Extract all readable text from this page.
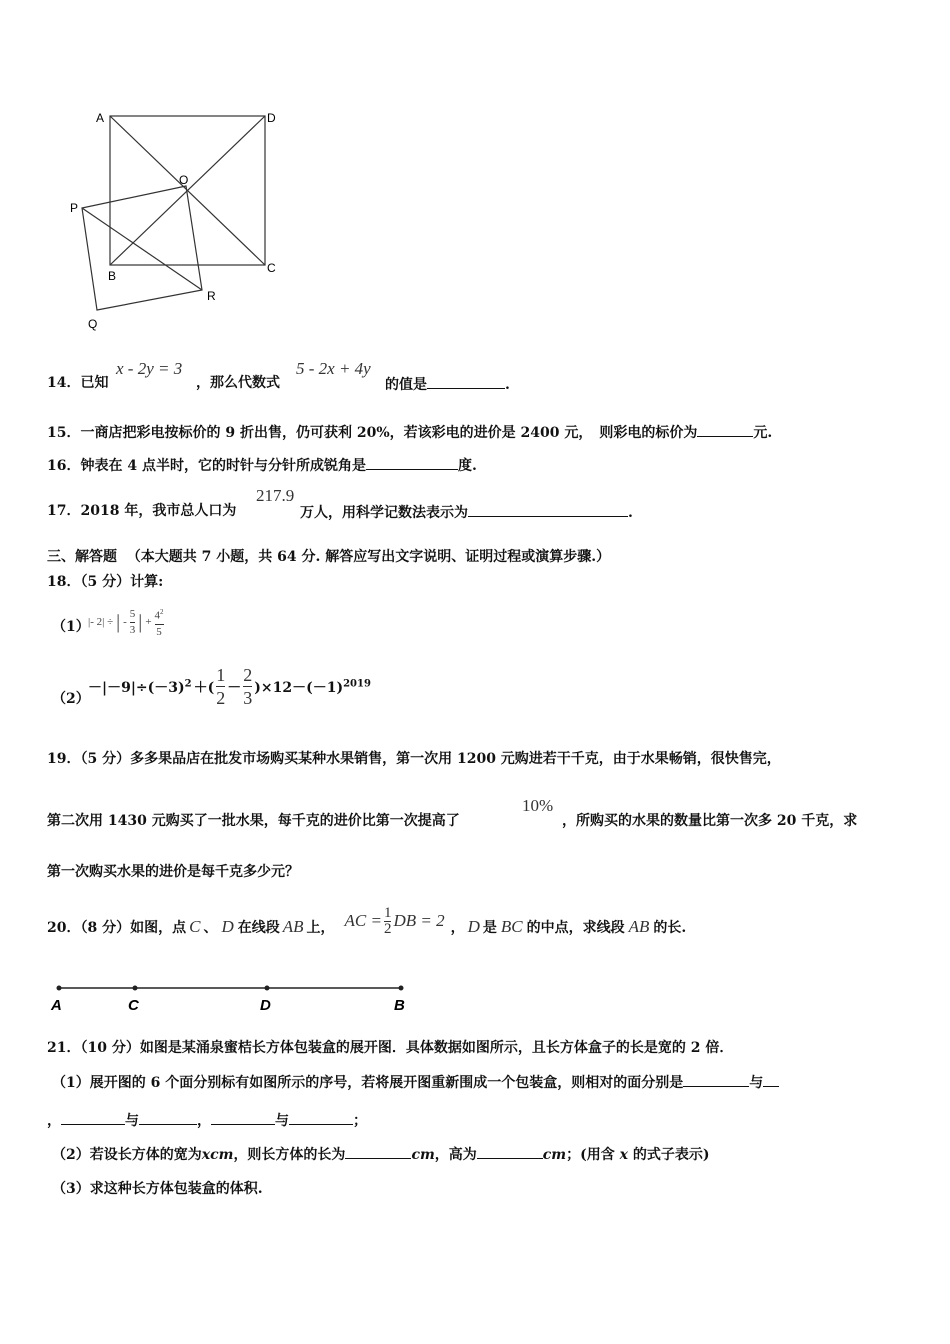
A	D
O
P
B
C
R
Q
14．已知
x - 2y = 3
，那么代数式
5 - 2x + 4y
的值是	.
15．一商店把彩电按标价的 9 折出售，仍可获利 20%，若该彩电的进价是 2400 元，　则彩电的标价为	元.
16．钟表在 4 点半时，它的时针与分针所成锐角是	度.
17．2018 年，我市总人口为
217.9
万人，用科学记数法表示为	.
三、解答题 （本大题共 7 小题，共 64 分. 解答应写出文字说明、证明过程或演算步骤.）
18．（5 分）计算:
（1）
|- 2| ÷ | - $\frac{5}{3}$ | + $\frac{4^2}{5}$
（2）
$-|-9|\div(-3)^2$ ＋( $\frac{1}{2} - \frac{2}{3} )\times 12-(-1)^{2019}$
19．（5 分）多多果品店在批发市场购买某种水果销售，第一次用 1200 元购进若干千克，由于水果畅销，很快售完，
第二次用 1430 元购买了一批水果，每千克的进价比第一次提高了
10%
，所购买的水果的数量比第一次多 20 千克，求
第一次购买水果的进价是每千克多少元？
20．（8 分）如图，点 C 、 D 在线段 AB 上， AC = $\frac{1}{2}$ DB = 2 ， D 是 BC 的中点，求线段 AB 的长.
A	C	D	B
21．（10 分）如图是某涌泉蜜桔长方体包装盒的展开图．具体数据如图所示，且长方体盒子的长是宽的 2 倍．
（1）展开图的 6 个面分别标有如图所示的序号，若将展开图重新围成一个包装盒，则相对的面分别是	与
，	与	，	与	；
（2）若设长方体的宽为xcm，则长方体的长为	cm，高为	cm；(用含 x 的式子表示)
（3）求这种长方体包装盒的体积.
